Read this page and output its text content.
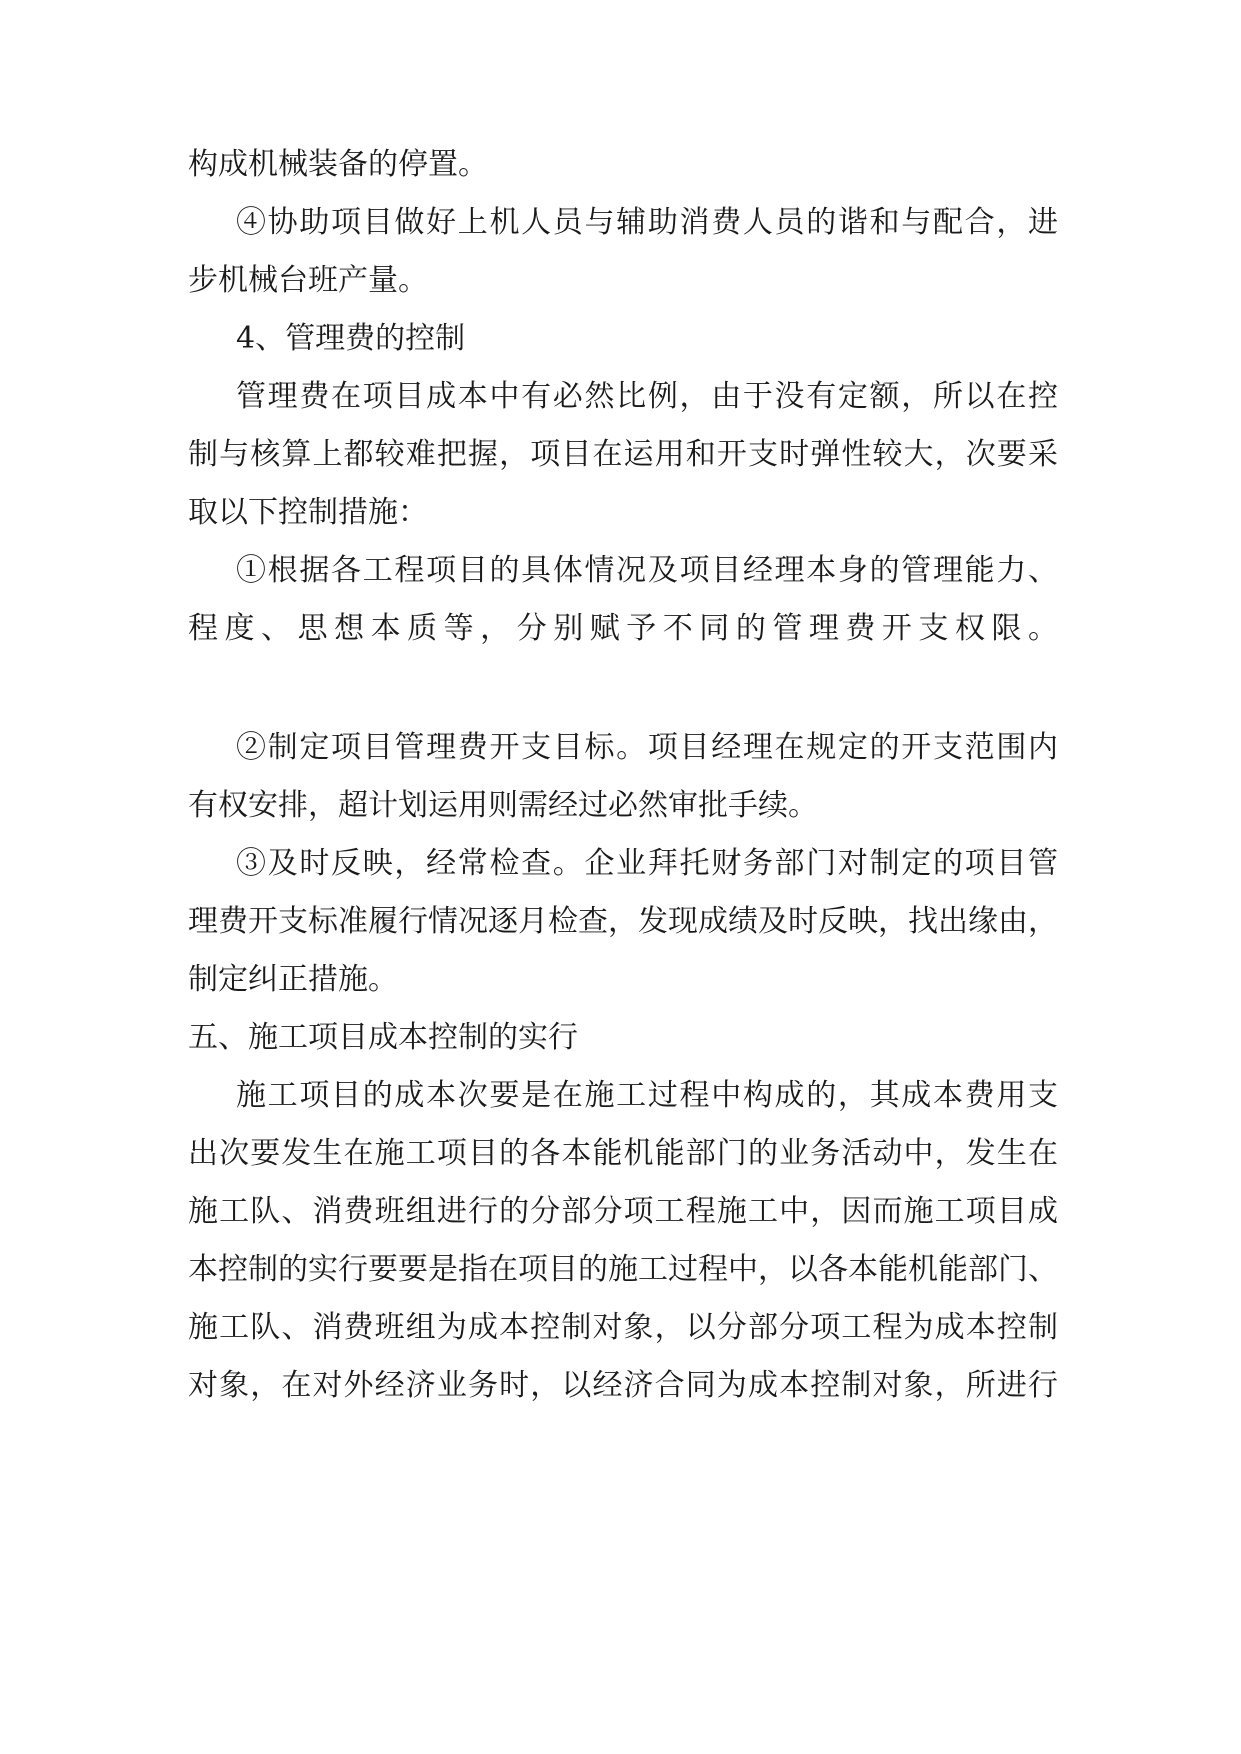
构成机械装备的停置。
④协助项目做好上机人员与辅助消费人员的谐和与配合，进
步机械台班产量。
4、管理费的控制
管理费在项目成本中有必然比例，由于没有定额，所以在控
制与核算上都较难把握，项目在运用和开支时弹性较大，次要采
取以下控制措施：
①根据各工程项目的具体情况及项目经理本身的管理能力、
程度、思想本质等，分别赋予不同的管理费开支权限。
②制定项目管理费开支目标。项目经理在规定的开支范围内
有权安排，超计划运用则需经过必然审批手续。
③及时反映，经常检查。企业拜托财务部门对制定的项目管
理费开支标准履行情况逐月检查，发现成绩及时反映，找出缘由，
制定纠正措施。
五、施工项目成本控制的实行
施工项目的成本次要是在施工过程中构成的，其成本费用支
出次要发生在施工项目的各本能机能部门的业务活动中，发生在
施工队、消费班组进行的分部分项工程施工中，因而施工项目成
本控制的实行要要是指在项目的施工过程中，以各本能机能部门、
施工队、消费班组为成本控制对象，以分部分项工程为成本控制
对象，在对外经济业务时，以经济合同为成本控制对象，所进行
